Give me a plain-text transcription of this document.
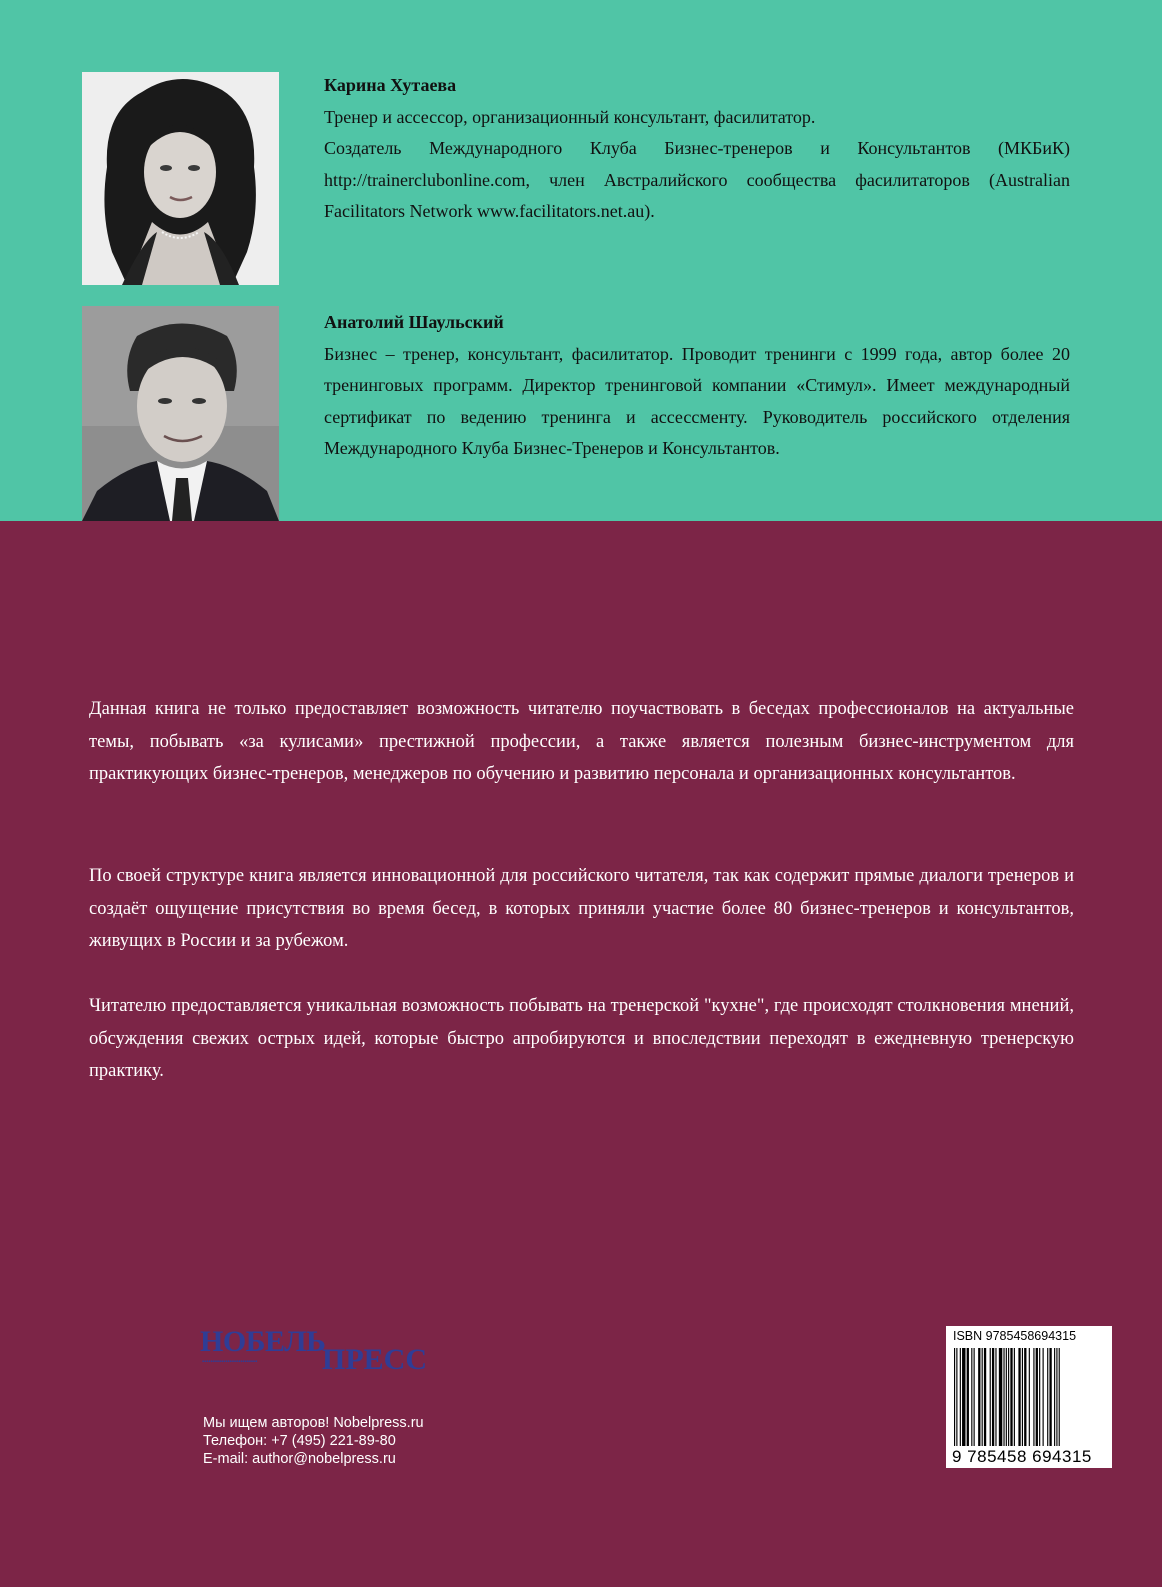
Карина Хутаева

Тренер и ассессор, организационный консультант, фасилитатор.

Создатель Международного Клуба Бизнес-тренеров и Консультантов (МКБиК) http://trainerclubonline.com, член Австралийского сообщества фасилитаторов (Australian Facilitators Network www.facilitators.net.au).

Анатолий Шаульский

Бизнес – тренер, консультант, фасилитатор. Проводит тренинги с 1999 года, автор более 20 тренинговых программ. Директор тренинговой компании «Стимул». Имеет международный сертификат по ведению тренинга и ассессменту. Руководитель российского отделения Международного Клуба Бизнес-Тренеров и Консультантов.

Данная книга не только предоставляет возможность читателю поучаствовать в беседах профессионалов на актуальные темы, побывать «за кулисами» престижной профессии, а также является полезным бизнес-инструментом для практикующих бизнес-тренеров, менеджеров по обучению и развитию персонала и организационных консультантов.

По своей структуре книга является инновационной для российского читателя, так как содержит прямые диалоги тренеров и создаёт ощущение присутствия во время бесед, в которых приняли участие более 80 бизнес-тренеров и консультантов, живущих в России и за рубежом.

Читателю предоставляется уникальная возможность побывать на тренерской "кухне", где происходят столкновения мнений, обсуждения свежих острых идей, которые быстро апробируются и впоследствии переходят в ежедневную тренерскую практику.

НОБЕЛЬ
ПРЕСС
▪▪▪▪▪▪▪▪▪▪▪▪▪▪▪▪▪▪▪▪▪▪▪▪▪▪
Мы ищем авторов! Nobelpress.ru
Телефон: +7 (495) 221-89-80
E-mail: author@nobelpress.ru
ISBN 9785458694315
9 785458 694315
